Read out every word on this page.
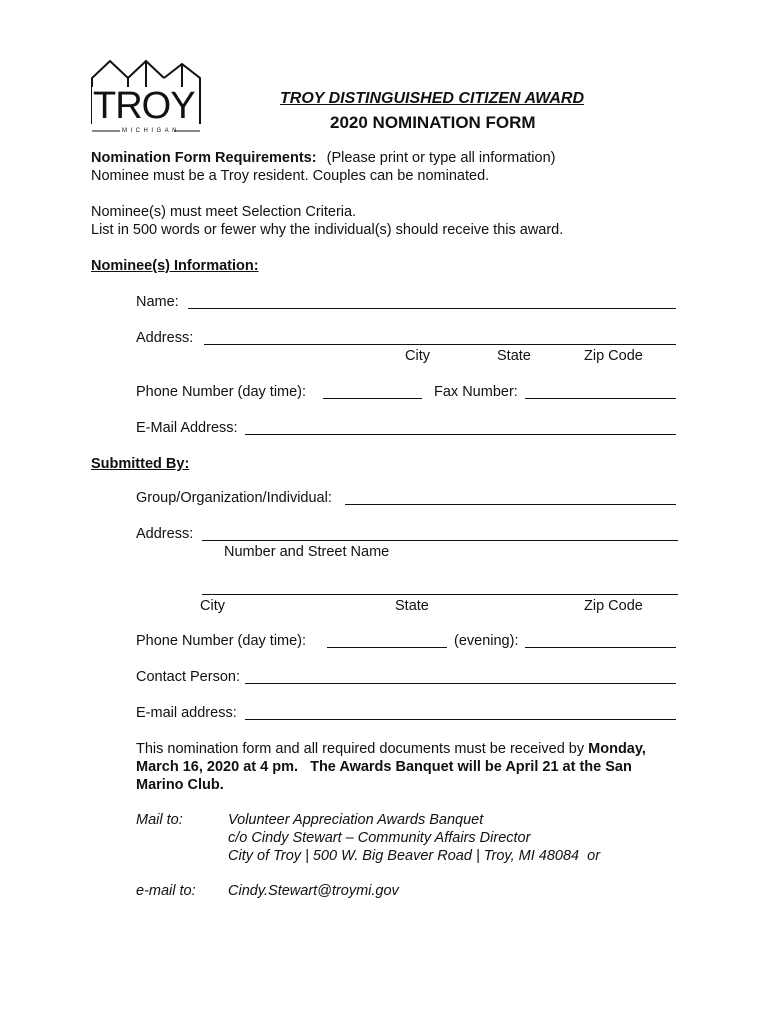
TROY
MICHIGAN
TROY DISTINGUISHED CITIZEN AWARD
2020 NOMINATION FORM
Nomination Form Requirements: (Please print or type all information)
Nominee must be a Troy resident. Couples can be nominated.
Nominee(s) must meet Selection Criteria.
List in 500 words or fewer why the individual(s) should receive this award.
Nominee(s) Information:
Name:
Address:
City	State	Zip Code
Phone Number (day time):	Fax Number:
E-Mail Address:
Submitted By:
Group/Organization/Individual:
Address:
Number and Street Name
City	State	Zip Code
Phone Number (day time):	(evening):
Contact Person:
E-mail address:
This nomination form and all required documents must be received by Monday,
March 16, 2020 at 4 pm.   The Awards Banquet will be April 21 at the San
Marino Club.
Mail to:	Volunteer Appreciation Awards Banquet
c/o Cindy Stewart – Community Affairs Director
City of Troy | 500 W. Big Beaver Road | Troy, MI 48084  or
e-mail to: Cindy.Stewart@troymi.gov
